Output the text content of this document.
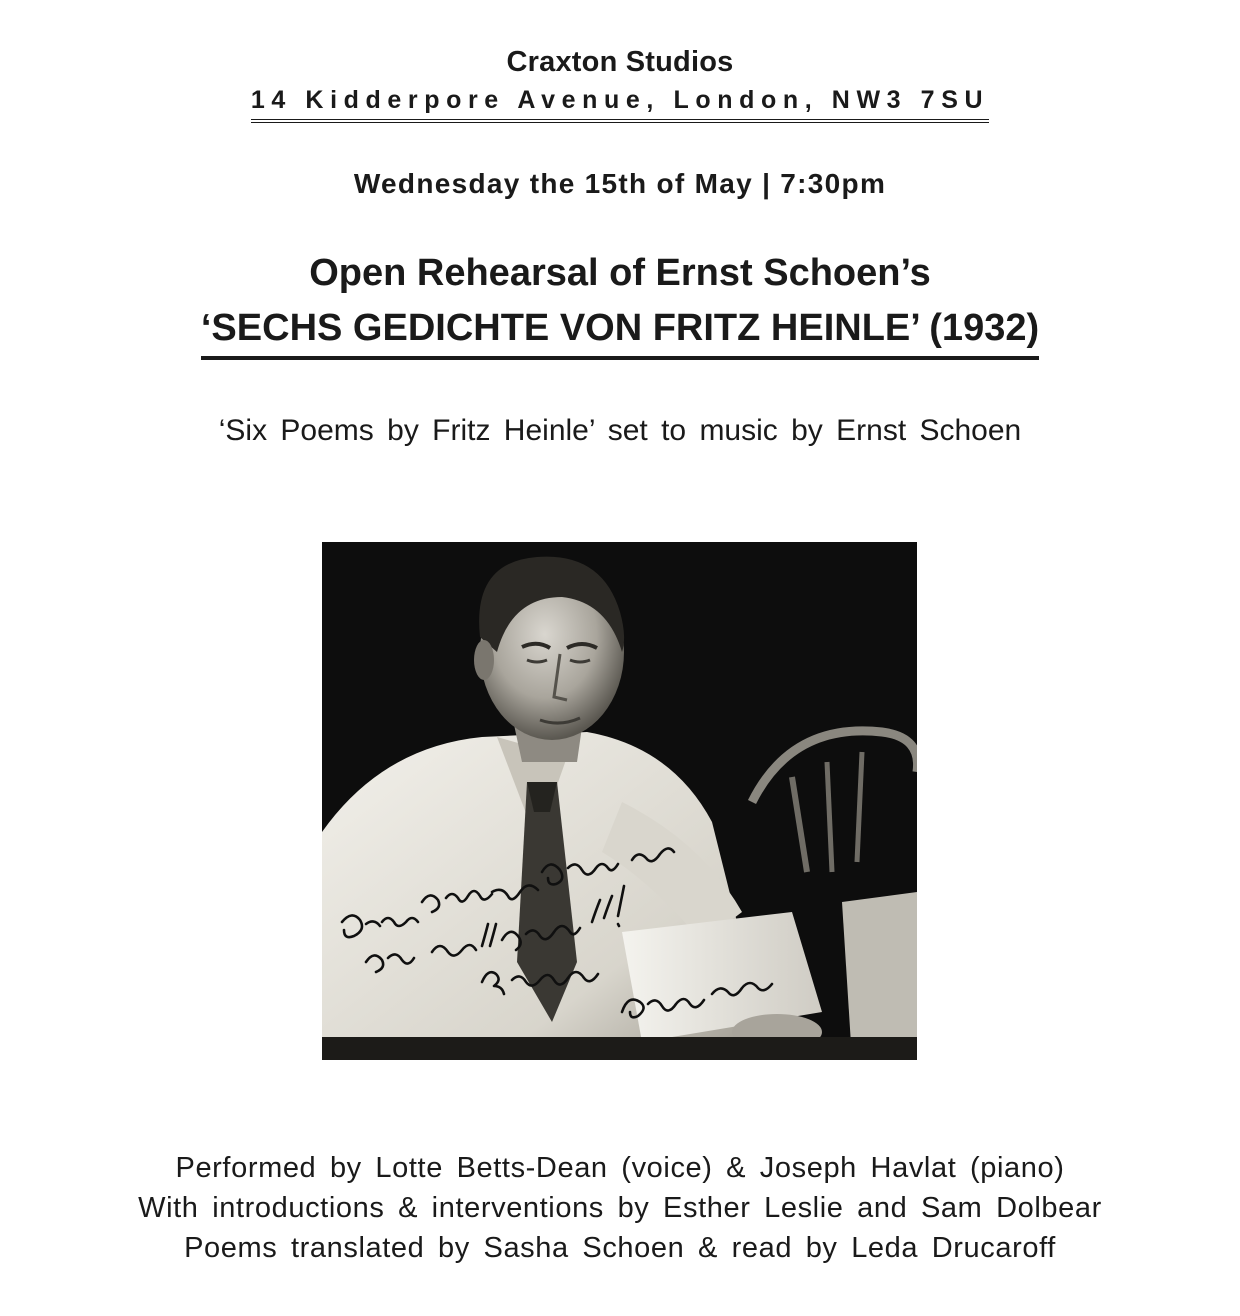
Craxton Studios
14 Kidderpore Avenue, London, NW3 7SU
Wednesday the 15th of May | 7:30pm
Open Rehearsal of Ernst Schoen’s
‘SECHS GEDICHTE VON FRITZ HEINLE’ (1932)
‘Six Poems by Fritz Heinle’ set to music by Ernst Schoen
Performed by Lotte Betts-Dean (voice) & Joseph Havlat (piano)
With introductions & interventions by Esther Leslie and Sam Dolbear
Poems translated by Sasha Schoen & read by Leda Drucaroff
